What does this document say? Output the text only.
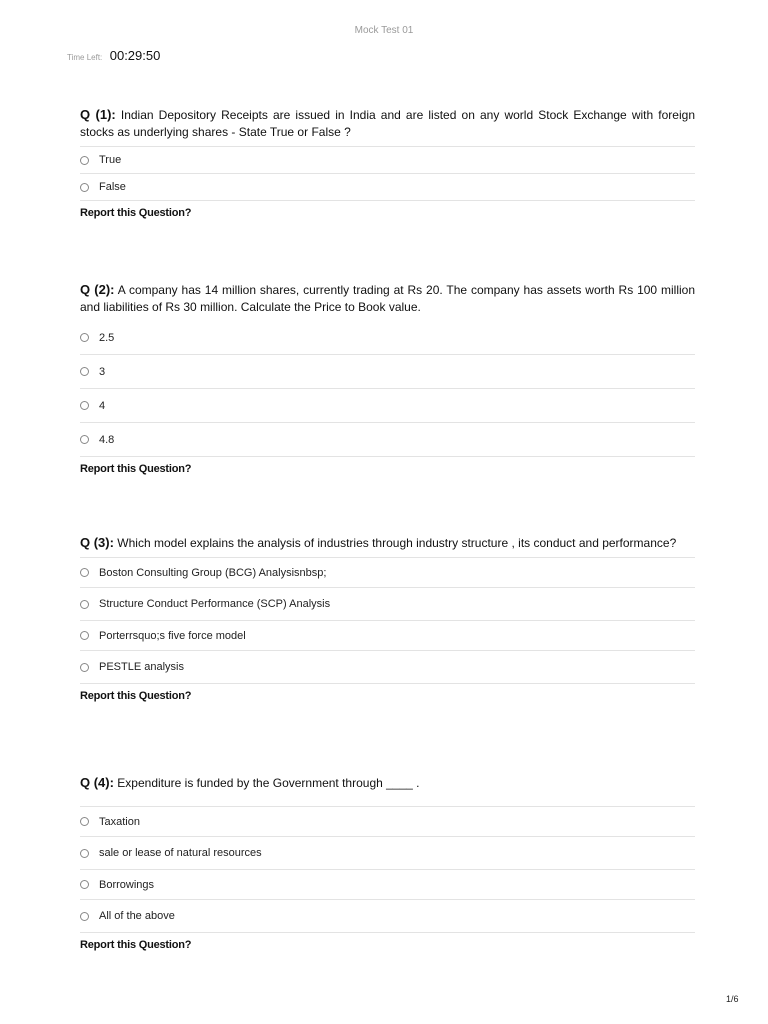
Mock Test 01
Time Left: 00:29:50

Q (1): Indian Depository Receipts are issued in India and are listed on any world Stock Exchange with foreign stocks as underlying shares - State True or False ?

True
False
Report this Question?

Q (2): A company has 14 million shares, currently trading at Rs 20. The company has assets worth Rs 100 million and liabilities of Rs 30 million. Calculate the Price to Book value.

2.5
3
4
4.8
Report this Question?

Q (3): Which model explains the analysis of industries through industry structure , its conduct and performance?

Boston Consulting Group (BCG) Analysisnbsp;
Structure Conduct Performance (SCP) Analysis
Porterrsquo;s five force model
PESTLE analysis
Report this Question?

Q (4): Expenditure is funded by the Government through ____ .

Taxation
sale or lease of natural resources
Borrowings
All of the above
Report this Question?
1/6
